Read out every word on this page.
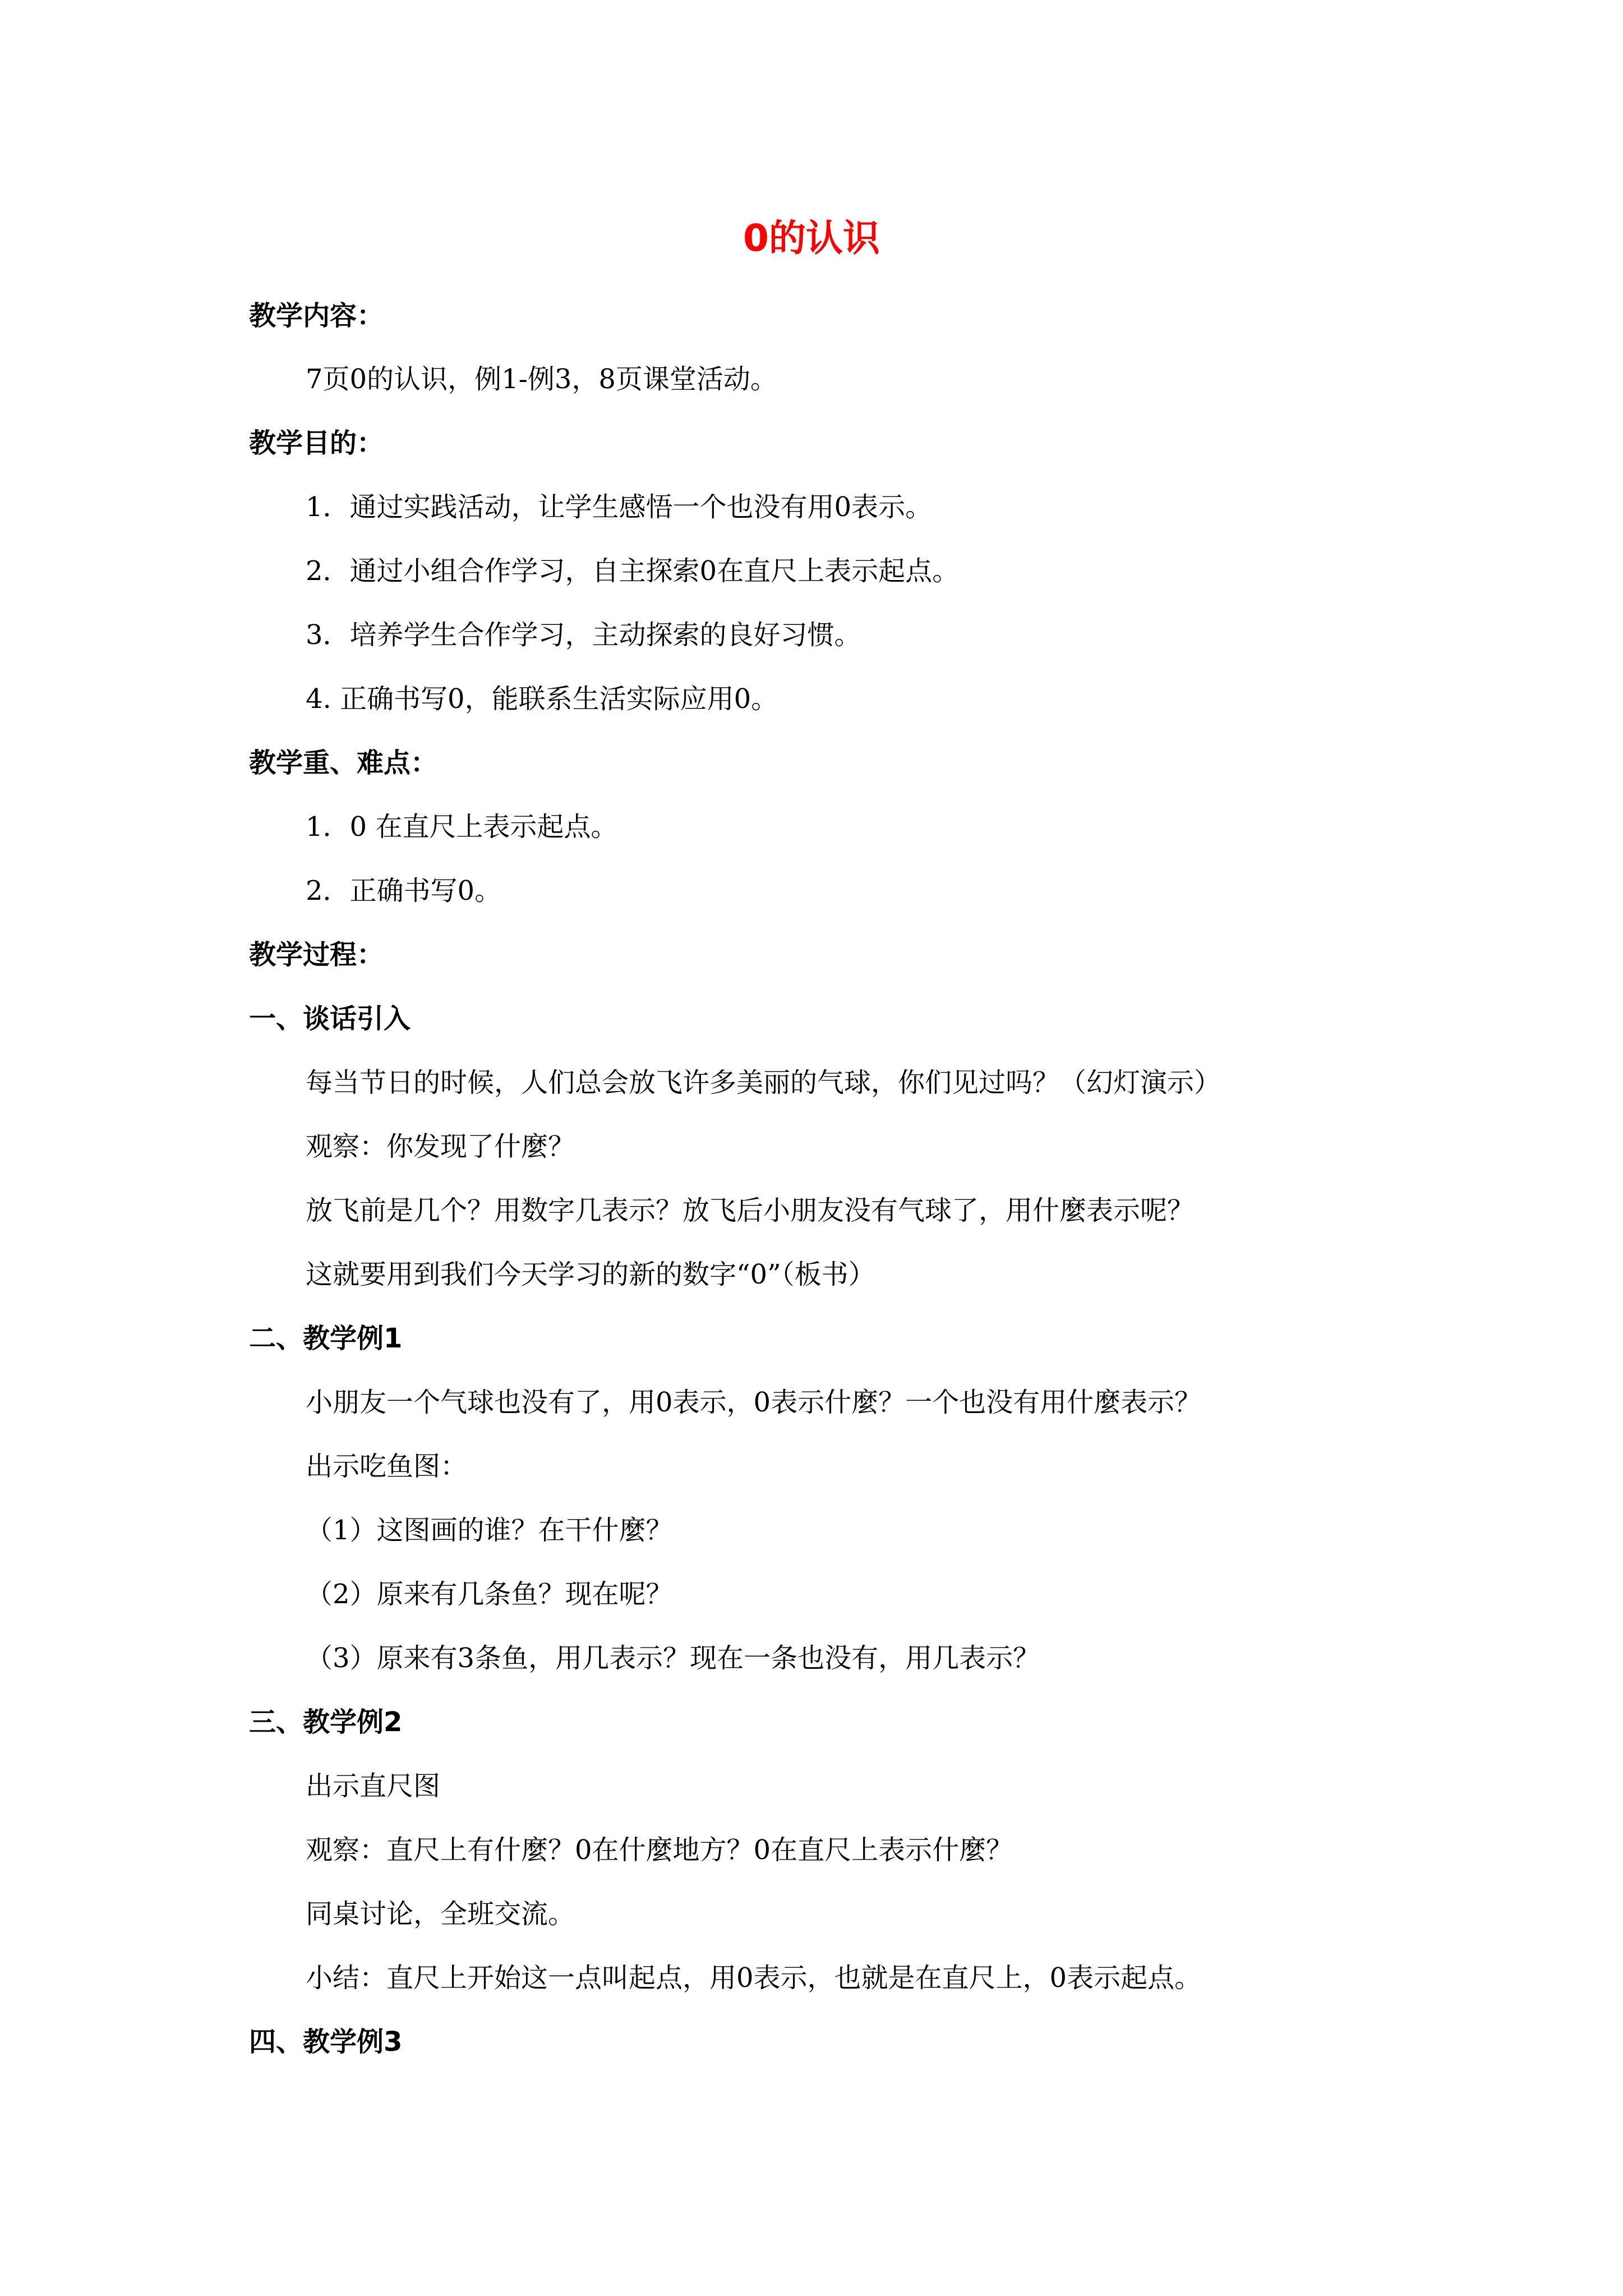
0的认识
教学内容：
7页0的认识，例1-例3，8页课堂活动。
教学目的：
1．通过实践活动，让学生感悟一个也没有用0表示。
2．通过小组合作学习，自主探索0在直尺上表示起点。
3．培养学生合作学习，主动探索的良好习惯。
4. 正确书写0，能联系生活实际应用0。
教学重、难点：
1．0 在直尺上表示起点。
2．正确书写0。
教学过程：
一、谈话引入
每当节日的时候，人们总会放飞许多美丽的气球，你们见过吗？（幻灯演示）
观察：你发现了什麼？
放飞前是几个？用数字几表示？放飞后小朋友没有气球了，用什麼表示呢？
这就要用到我们今天学习的新的数字“0”（板书）
二、教学例1
小朋友一个气球也没有了，用0表示，0表示什麼？一个也没有用什麼表示？
出示吃鱼图：
（1）这图画的谁？在干什麼？
（2）原来有几条鱼？现在呢？
（3）原来有3条鱼，用几表示？现在一条也没有，用几表示？
三、教学例2
出示直尺图
观察：直尺上有什麼？0在什麼地方？0在直尺上表示什麼？
同桌讨论，全班交流。
小结：直尺上开始这一点叫起点，用0表示，也就是在直尺上，0表示起点。
四、教学例3
